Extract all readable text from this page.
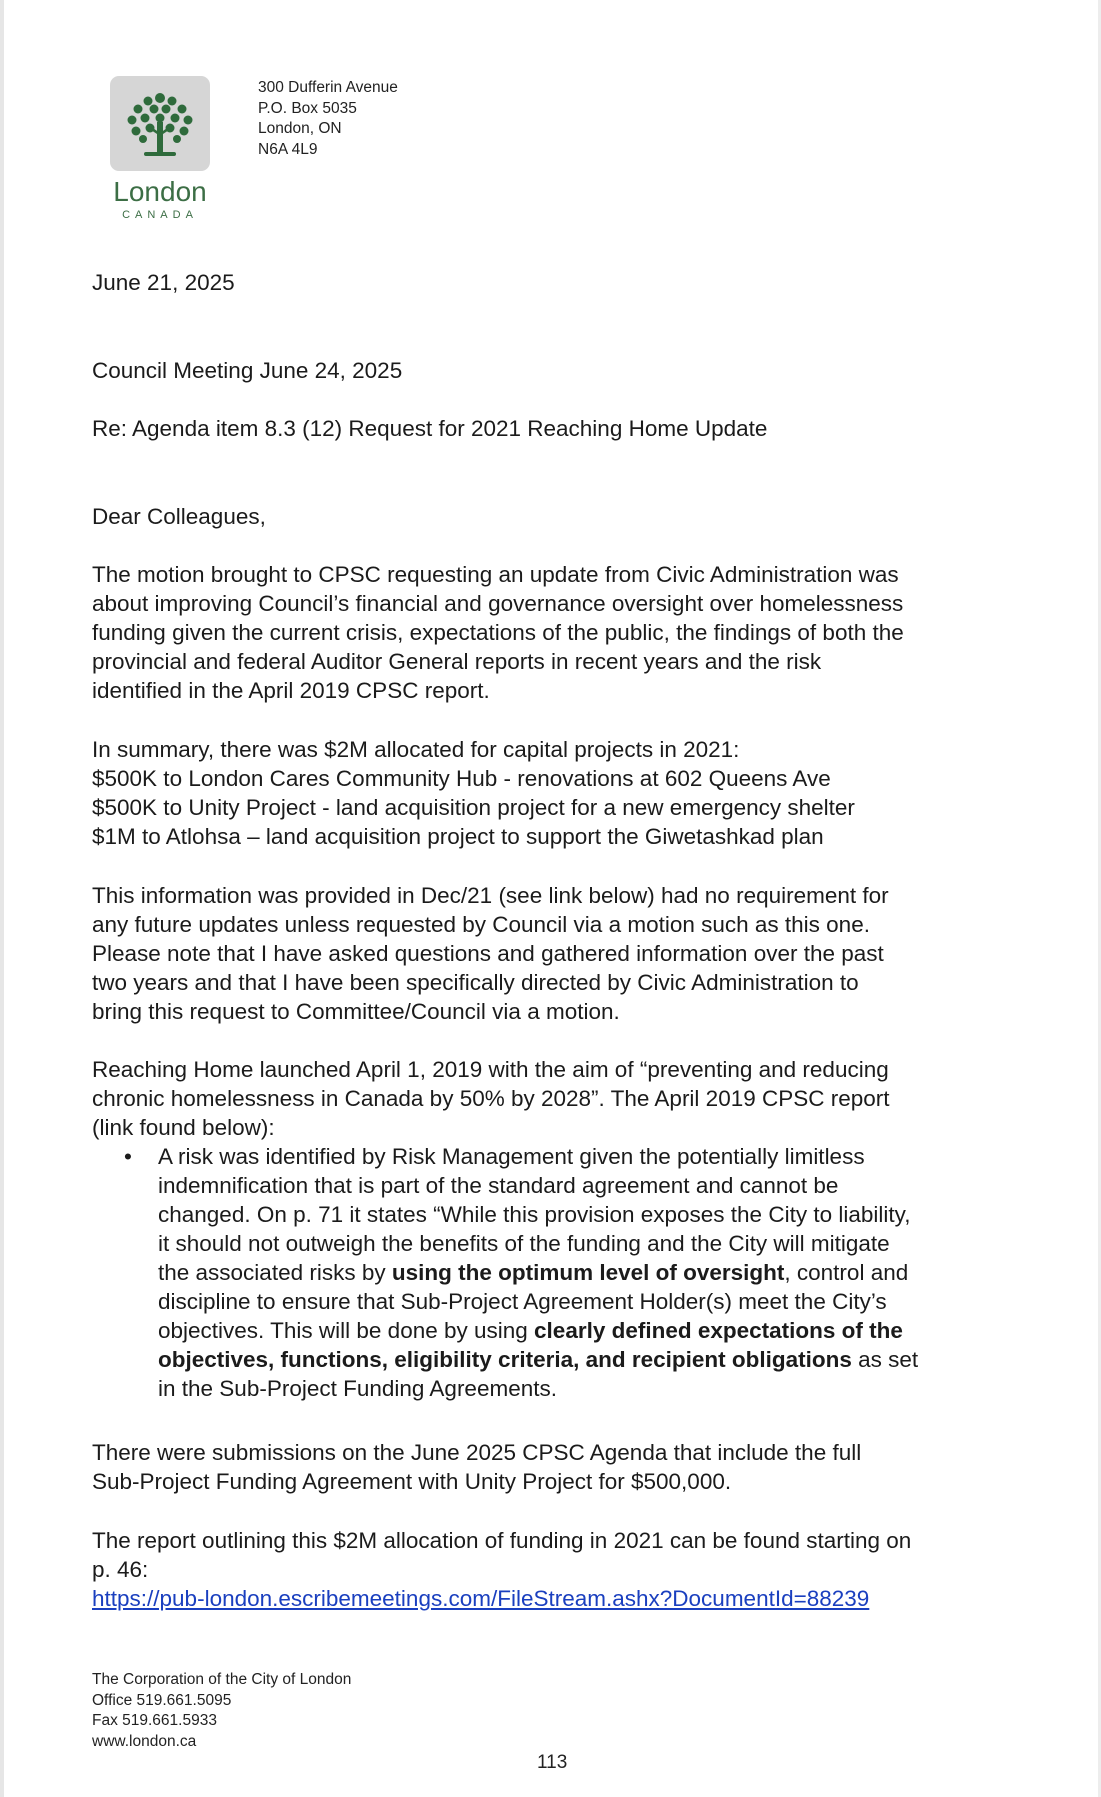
London
CANADA
300 Dufferin Avenue
P.O. Box 5035
London, ON
N6A 4L9
June 21, 2025
Council Meeting June 24, 2025
Re: Agenda item 8.3 (12) Request for 2021 Reaching Home Update
Dear Colleagues,
The motion brought to CPSC requesting an update from Civic Administration was
about improving Council’s financial and governance oversight over homelessness
funding given the current crisis, expectations of the public, the findings of both the
provincial and federal Auditor General reports in recent years and the risk
identified in the April 2019 CPSC report.
In summary, there was $2M allocated for capital projects in 2021:
$500K to London Cares Community Hub - renovations at 602 Queens Ave
$500K to Unity Project - land acquisition project for a new emergency shelter
$1M to Atlohsa – land acquisition project to support the Giwetashkad plan
This information was provided in Dec/21 (see link below) had no requirement for
any future updates unless requested by Council via a motion such as this one.
Please note that I have asked questions and gathered information over the past
two years and that I have been specifically directed by Civic Administration to
bring this request to Committee/Council via a motion.
Reaching Home launched April 1, 2019 with the aim of “preventing and reducing
chronic homelessness in Canada by 50% by 2028”. The April 2019 CPSC report
(link found below):
•	A risk was identified by Risk Management given the potentially limitless
indemnification that is part of the standard agreement and cannot be
changed. On p. 71 it states “While this provision exposes the City to liability,
it should not outweigh the benefits of the funding and the City will mitigate
the associated risks by using the optimum level of oversight, control and
discipline to ensure that Sub-Project Agreement Holder(s) meet the City’s
objectives. This will be done by using clearly defined expectations of the
objectives, functions, eligibility criteria, and recipient obligations as set
in the Sub-Project Funding Agreements.
There were submissions on the June 2025 CPSC Agenda that include the full
Sub-Project Funding Agreement with Unity Project for $500,000.
The report outlining this $2M allocation of funding in 2021 can be found starting on
p. 46:
https://pub-london.escribemeetings.com/FileStream.ashx?DocumentId=88239
The Corporation of the City of London
Office 519.661.5095
Fax 519.661.5933
www.london.ca
113
